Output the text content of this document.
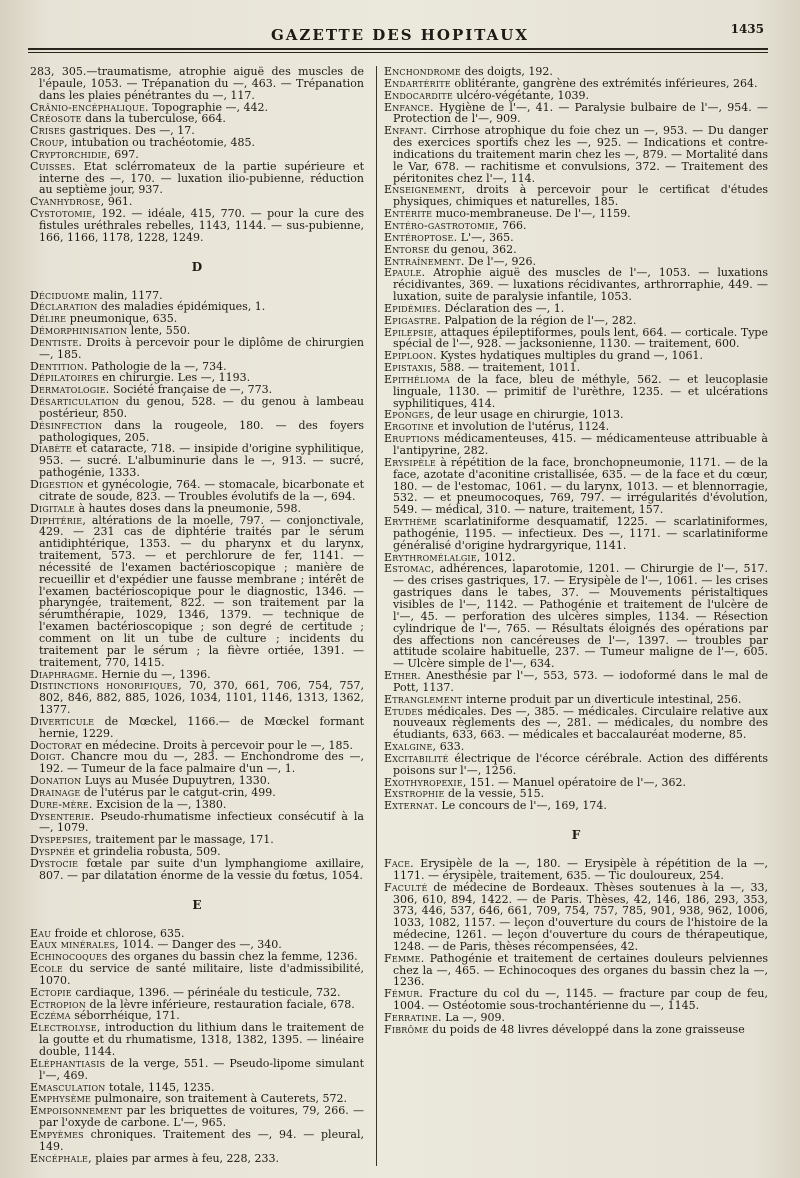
GAZETTE DES HOPITAUX	1435

283, 305.—traumatisme, atrophie aiguë des muscles de l'épaule, 1053. — Trépanation du —, 463. — Trépanation dans les plaies pénétrantes du —, 117.

Crânio-encéphalique. Topographie —, 442.

Créosote dans la tuberculose, 664.

Crises gastriques. Des —, 17.

Croup, intubation ou trachéotomie, 485.

Cryptorchidie, 697.

Cuisses. Etat sclérromateux de la partie supérieure et interne des —, 170. — luxation ilio-pubienne, réduction au septième jour, 937.

Cyanhydrose, 961.

Cystotomie, 192. — idéale, 415, 770. — pour la cure des fistules uréthrales rebelles, 1143, 1144. — sus-pubienne, 166, 1166, 1178, 1228, 1249.

D

Déciduome malin, 1177.

Déclaration des maladies épidémiques, 1.

Délire pneumonique, 635.

Démorphinisation lente, 550.

Dentiste. Droits à percevoir pour le diplôme de chirurgien —, 185.

Dentition. Pathologie de la —, 734.

Dépilatoires en chirurgie. Les —, 1193.

Dermatologie. Société française de —, 773.

Désarticulation du genou, 528. — du genou à lambeau postérieur, 850.

Désinfection dans la rougeole, 180. — des foyers pathologiques, 205.

Diabète et cataracte, 718. — insipide d'origine syphilitique, 953. — sucré. L'albuminurie dans le —, 913. — sucré, pathogénie, 1333.

Digestion et gynécologie, 764. — stomacale, bicarbonate et citrate de soude, 823. — Troubles évolutifs de la —, 694.

Digitale à hautes doses dans la pneumonie, 598.

Diphtérie, altérations de la moelle, 797. — conjonctivale, 429. — 231 cas de diphtérie traités par le sérum antidiphtérique, 1353. — du pharynx et du larynx, traitement, 573. — et perchlorure de fer, 1141. — nécessité de l'examen bactérioscopique ; manière de recueillir et d'expédier une fausse membrane ; intérêt de l'examen bactérioscopique pour le diagnostic, 1346. — pharyngée, traitement, 822. — son traitement par la sérumthérapie, 1029, 1346, 1379. — technique de l'examen bactérioscopique ; son degré de certitude ; comment on lit un tube de culture ; incidents du traitement par le sérum ; la fièvre ortiée, 1391. — traitement, 770, 1415.

Diaphragme. Hernie du —, 1396.

Distinctions honorifiques, 70, 370, 661, 706, 754, 757, 802, 846, 882, 885, 1026, 1034, 1101, 1146, 1313, 1362, 1377.

Diverticule de Mœckel, 1166.— de Mœckel formant hernie, 1229.

Doctorat en médecine. Droits à percevoir pour le —, 185.

Doigt. Chancre mou du —, 283. — Enchondrome des —, 192. — Tumeur de la face palmaire d'un —, 1.

Donation Luys au Musée Dupuytren, 1330.

Drainage de l'utérus par le catgut-crin, 499.

Dure-mère. Excision de la —, 1380.

Dysenterie. Pseudo-rhumatisme infectieux consécutif à la —, 1079.

Dyspepsies, traitement par le massage, 171.

Dyspnée et grindelia robusta, 509.

Dystocie fœtale par suite d'un lymphangiome axillaire, 807. — par dilatation énorme de la vessie du fœtus, 1054.

E

Eau froide et chlorose, 635.

Eaux minérales, 1014. — Danger des —, 340.

Echinocoques des organes du bassin chez la femme, 1236.

Ecole du service de santé militaire, liste d'admissibilité, 1070.

Ectopie cardiaque, 1396. — périnéale du testicule, 732.

Ectropion de la lèvre inférieure, restauration faciale, 678.

Eczéma séborrhéique, 171.

Electrolyse, introduction du lithium dans le traitement de la goutte et du rhumatisme, 1318, 1382, 1395. — linéaire double, 1144.

Eléphantiasis de la verge, 551. — Pseudo-lipome simulant l'—, 469.

Emasculation totale, 1145, 1235.

Emphysème pulmonaire, son traitement à Cauterets, 572.

Empoisonnement par les briquettes de voitures, 79, 266. — par l'oxyde de carbone. L'—, 965.

Empyèmes chroniques. Traitement des —, 94. — pleural, 149.

Encéphale, plaies par armes à feu, 228, 233.

Enchondrome des doigts, 192.

Endartérite oblitérante, gangrène des extrémités inférieures, 264.

Endocardite ulcéro-végétante, 1039.

Enfance. Hygiène de l'—, 41. — Paralysie bulbaire de l'—, 954. — Protection de l'—, 909.

Enfant. Cirrhose atrophique du foie chez un —, 953. — Du danger des exercices sportifs chez les —, 925. — Indications et contre-indications du traitement marin chez les —, 879. — Mortalité dans le Var, 678. — rachitisme et convulsions, 372. — Traitement des péritonites chez l'—, 114.

Enseignement, droits à percevoir pour le certificat d'études physiques, chimiques et naturelles, 185.

Entérite muco-membraneuse. De l'—, 1159.

Entéro-gastrotomie, 766.

Entéroptose. L'—, 365.

Entorse du genou, 362.

Entraînement. De l'—, 926.

Epaule. Atrophie aiguë des muscles de l'—, 1053. — luxations récidivantes, 369. — luxations récidivantes, arthrorraphie, 449. — luxation, suite de paralysie infantile, 1053.

Epidémies. Déclaration des —, 1.

Epigastre. Palpation de la région de l'—, 282.

Epilepsie, attaques épileptiformes, pouls lent, 664. — corticale. Type spécial de l'—, 928. — jacksonienne, 1130. — traitement, 600.

Epiploon. Kystes hydatiques multiples du grand —, 1061.

Epistaxis, 588. — traitement, 1011.

Epithélioma de la face, bleu de méthyle, 562. — et leucoplasie linguale, 1130. — primitif de l'urèthre, 1235. — et ulcérations syphilitiques, 414.

Eponges, de leur usage en chirurgie, 1013.

Ergotine et involution de l'utérus, 1124.

Eruptions médicamenteuses, 415. — médicamenteuse attribuable à l'antipyrine, 282.

Erysipèle à répétition de la face, bronchopneumonie, 1171. — de la face, azotate d'aconitine cristallisée, 635. — de la face et du cœur, 180. — de l'estomac, 1061. — du larynx, 1013. — et blennorragie, 532. — et pneumocoques, 769, 797. — irrégularités d'évolution, 549. — médical, 310. — nature, traitement, 157.

Erythème scarlatiniforme desquamatif, 1225. — scarlatiniformes, pathogénie, 1195. — infectieux. Des —, 1171. — scarlatiniforme généralisé d'origine hydrargyrique, 1141.

Erythromélalgie, 1012.

Estomac, adhérences, laparotomie, 1201. — Chirurgie de l'—, 517. — des crises gastriques, 17. — Erysipèle de l'—, 1061. — les crises gastriques dans le tabes, 37. — Mouvements péristaltiques visibles de l'—, 1142. — Pathogénie et traitement de l'ulcère de l'—, 45. — perforation des ulcères simples, 1134. — Résection cylindrique de l'—, 765. — Résultats éloignés des opérations par des affections non cancéreuses de l'—, 1397. — troubles par attitude scolaire habituelle, 237. — Tumeur maligne de l'—, 605. — Ulcère simple de l'—, 634.

Ether. Anesthésie par l'—, 553, 573. — iodoformé dans le mal de Pott, 1137.

Etranglement interne produit par un diverticule intestinal, 256.

Etudes médicales. Des —, 385. — médicales. Circulaire relative aux nouveaux règlements des —, 281. — médicales, du nombre des étudiants, 633, 663. — médicales et baccalauréat moderne, 85.

Exalgine, 633.

Excitabilité électrique de l'écorce cérébrale. Action des différents poisons sur l'—, 1256.

Exothyropexie, 151. — Manuel opératoire de l'—, 362.

Exstrophie de la vessie, 515.

Externat. Le concours de l'—, 169, 174.

F

Face. Erysipèle de la —, 180. — Erysipèle à répétition de la —, 1171. — érysipèle, traitement, 635. — Tic douloureux, 254.

Faculté de médecine de Bordeaux. Thèses soutenues à la —, 33, 306, 610, 894, 1422. — de Paris. Thèses, 42, 146, 186, 293, 353, 373, 446, 537, 646, 661, 709, 754, 757, 785, 901, 938, 962, 1006, 1033, 1082, 1157. — leçon d'ouverture du cours de l'histoire de la médecine, 1261. — leçon d'ouverture du cours de thérapeutique, 1248. — de Paris, thèses récompensées, 42.

Femme. Pathogénie et traitement de certaines douleurs pelviennes chez la —, 465. — Echinocoques des organes du bassin chez la —, 1236.

Fémur. Fracture du col du —, 1145. — fracture par coup de feu, 1004. — Ostéotomie sous-trochantérienne du —, 1145.

Ferratine. La —, 909.

Fibrôme du poids de 48 livres développé dans la zone graisseuse
